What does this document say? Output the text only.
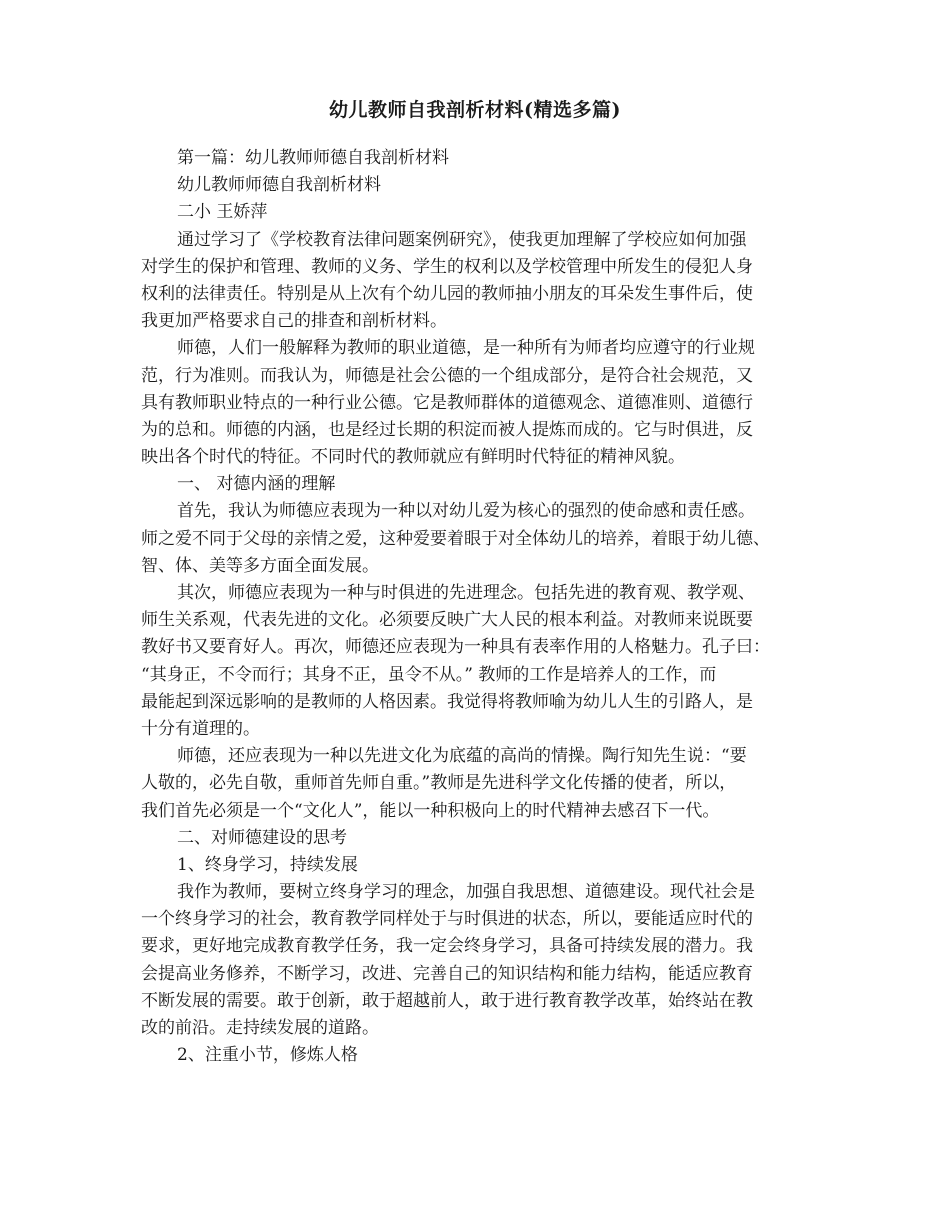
幼儿教师自我剖析材料(精选多篇)
第一篇：幼儿教师师德自我剖析材料
幼儿教师师德自我剖析材料
二小 王娇萍
通过学习了《学校教育法律问题案例研究》，使我更加理解了学校应如何加强
对学生的保护和管理、教师的义务、学生的权利以及学校管理中所发生的侵犯人身
权利的法律责任。特别是从上次有个幼儿园的教师抽小朋友的耳朵发生事件后，使
我更加严格要求自己的排查和剖析材料。
师德，人们一般解释为教师的职业道德，是一种所有为师者均应遵守的行业规
范，行为准则。而我认为，师德是社会公德的一个组成部分，是符合社会规范，又
具有教师职业特点的一种行业公德。它是教师群体的道德观念、道德准则、道德行
为的总和。师德的内涵，也是经过长期的积淀而被人提炼而成的。它与时俱进，反
映出各个时代的特征。不同时代的教师就应有鲜明时代特征的精神风貌。
一、 对德内涵的理解
首先，我认为师德应表现为一种以对幼儿爱为核心的强烈的使命感和责任感。
师之爱不同于父母的亲情之爱，这种爱要着眼于对全体幼儿的培养，着眼于幼儿德、
智、体、美等多方面全面发展。
其次，师德应表现为一种与时俱进的先进理念。包括先进的教育观、教学观、
师生关系观，代表先进的文化。必须要反映广大人民的根本利益。对教师来说既要
教好书又要育好人。再次，师德还应表现为一种具有表率作用的人格魅力。孔子曰：
“其身正，不令而行；其身不正，虽令不从。” 教师的工作是培养人的工作，而
最能起到深远影响的是教师的人格因素。我觉得将教师喻为幼儿人生的引路人，是
十分有道理的。
师德，还应表现为一种以先进文化为底蕴的高尚的情操。陶行知先生说：“要
人敬的，必先自敬，重师首先师自重。”教师是先进科学文化传播的使者，所以，
我们首先必须是一个“文化人”，能以一种积极向上的时代精神去感召下一代。
二、对师德建设的思考
1、终身学习，持续发展
我作为教师，要树立终身学习的理念，加强自我思想、道德建设。现代社会是
一个终身学习的社会，教育教学同样处于与时俱进的状态，所以，要能适应时代的
要求，更好地完成教育教学任务，我一定会终身学习，具备可持续发展的潜力。我
会提高业务修养，不断学习，改进、完善自己的知识结构和能力结构，能适应教育
不断发展的需要。敢于创新，敢于超越前人，敢于进行教育教学改革，始终站在教
改的前沿。走持续发展的道路。
2、注重小节，修炼人格
